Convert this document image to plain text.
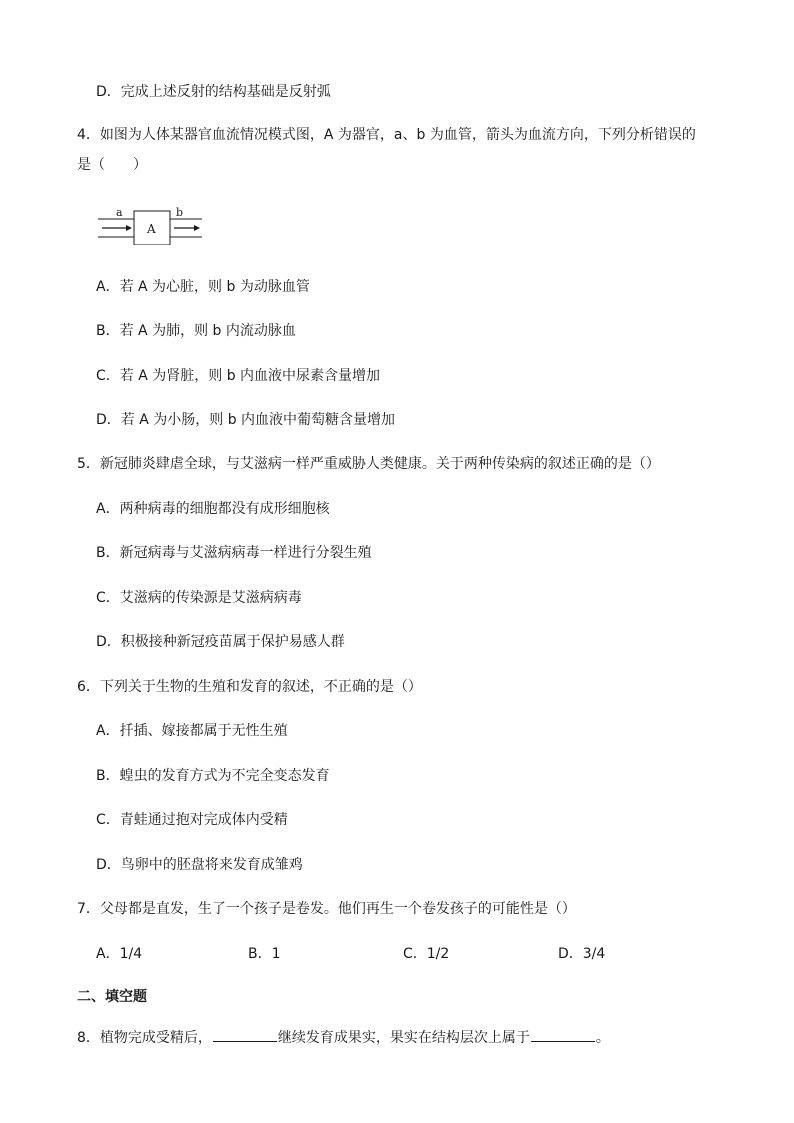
D．完成上述反射的结构基础是反射弧
4．如图为人体某器官血流情况模式图，A 为器官，a、b 为血管，箭头为血流方向，下列分析错误的
是（　　）
a	b
A
A．若 A 为心脏，则 b 为动脉血管
B．若 A 为肺，则 b 内流动脉血
C．若 A 为肾脏，则 b 内血液中尿素含量增加
D．若 A 为小肠，则 b 内血液中葡萄糖含量增加
5．新冠肺炎肆虐全球，与艾滋病一样严重威胁人类健康。关于两种传染病的叙述正确的是（）
A．两种病毒的细胞都没有成形细胞核
B．新冠病毒与艾滋病病毒一样进行分裂生殖
C．艾滋病的传染源是艾滋病病毒
D．积极接种新冠疫苗属于保护易感人群
6．下列关于生物的生殖和发育的叙述，不正确的是（）
A．扦插、嫁接都属于无性生殖
B．蝗虫的发育方式为不完全变态发育
C．青蛙通过抱对完成体内受精
D．鸟卵中的胚盘将来发育成雏鸡
7．父母都是直发，生了一个孩子是卷发。他们再生一个卷发孩子的可能性是（）
A．1/4	B．1	C．1/2	D．3/4
二、填空题
8．植物完成受精后，	继续发育成果实，果实在结构层次上属于	。
